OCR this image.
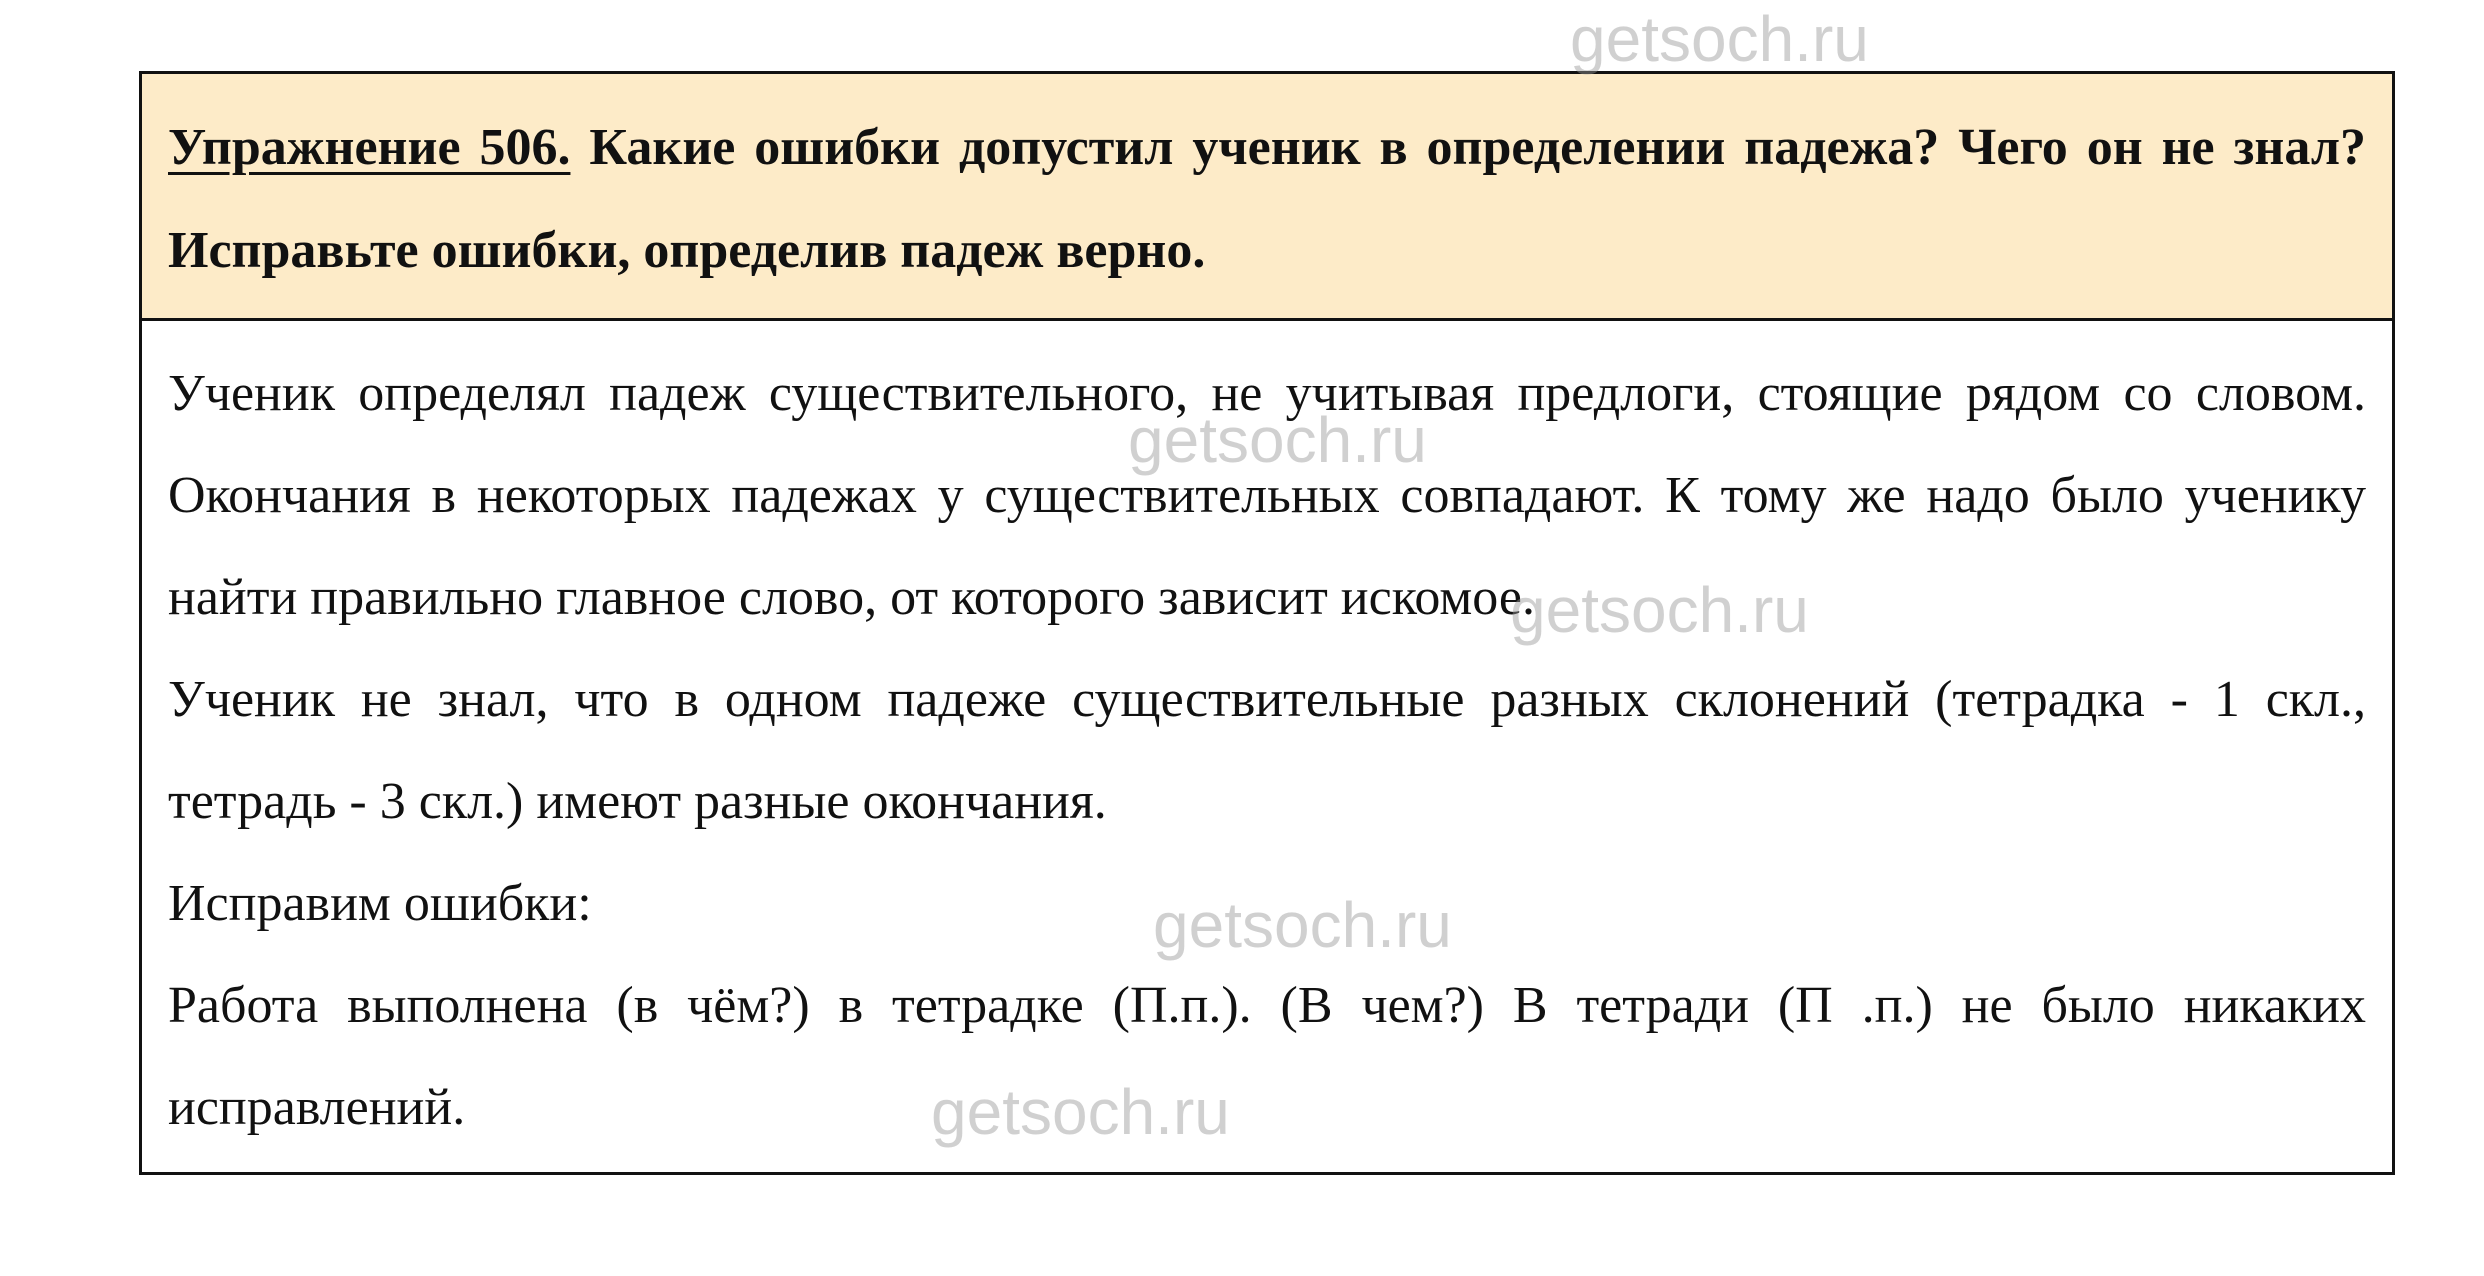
Упражнение 506. Какие ошибки допустил ученик в определении падежа? Чего он не знал? Исправьте ошибки, определив падеж верно.

Ученик определял падеж существительного, не учитывая предлоги, стоящие рядом со словом. Окончания в некоторых падежах у существительных совпадают. К тому же надо было ученику найти правильно главное слово, от которого зависит искомое.

Ученик не знал, что в одном падеже существительные разных склонений (тетрадка - 1 скл., тетрадь - 3 скл.) имеют разные окончания.

Исправим ошибки:

Работа выполнена (в чём?) в тетрадке (П.п.). (В чем?) В тетради (П .п.) не было никаких исправлений.

getsoch.ru
getsoch.ru
getsoch.ru
getsoch.ru
getsoch.ru
